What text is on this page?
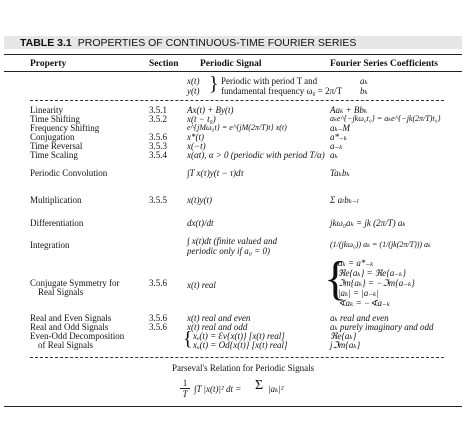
TABLE 3.1 PROPERTIES OF CONTINUOUS-TIME FOURIER SERIES
Property	Section Periodic Signal	Fourier Series Coefficients
x(t)
y(t) } Periodic with period T and
fundamental frequency ω₀ = 2π/T
aₖ
bₖ
Linearity
Time Shifting
Frequency Shifting
Conjugation
Time Reversal
Time Scaling
Periodic Convolution
Multiplication
Differentiation
Integration
Conjugate Symmetry for
Real Signals
Real and Even Signals
Real and Odd Signals
Even-Odd Decomposition
of Real Signals
3.5.1
3.5.2
3.5.6
3.5.3
3.5.4
3.5.5
3.5.6
3.5.6
3.5.6
Ax(t) + By(t)
x(t − t₀)
e^{jMω₀t} = e^{jM(2π/T)t} x(t)
x*(t)
x(−t)
x(αt), α > 0 (periodic with period T/α)
∫T x(τ)y(t − τ)dτ
x(t)y(t)
dx(t)/dt
∫ x(t)dt (finite valued and periodic only if a₀ = 0)
x(t) real
x(t) real and even
x(t) real and odd
{ xₑ(t) = Ɛv{x(t)} [x(t) real]
xₒ(t) = Od{x(t)} [x(t) real]
Aaₖ + Bbₖ
aₖe^{−jkω₀t₀} = aₖe^{−jk(2π/T)t₀}
aₖ₋M
a*₋ₖ
a₋ₖ
aₖ
Taₖbₖ
Σ aₗbₖ₋ₗ
jkω₀aₖ = jk (2π/T) aₖ
(1/(jkω₀)) aₖ = (1/(jk(2π/T))) aₖ
{
aₖ = a*₋ₖ
ℜe{aₖ} = ℜe{a₋ₖ}
ℑm{aₖ} = −ℑm{a₋ₖ}
|aₖ| = |a₋ₖ|
∢aₖ = −∢a₋ₖ
aₖ real and even
aₖ purely imaginary and odd
ℜe{aₖ}
jℑm{aₖ}
Parseval's Relation for Periodic Signals
$\frac{1}{T} \int T$ |x(t)|² dt = Σ |aₖ|²
